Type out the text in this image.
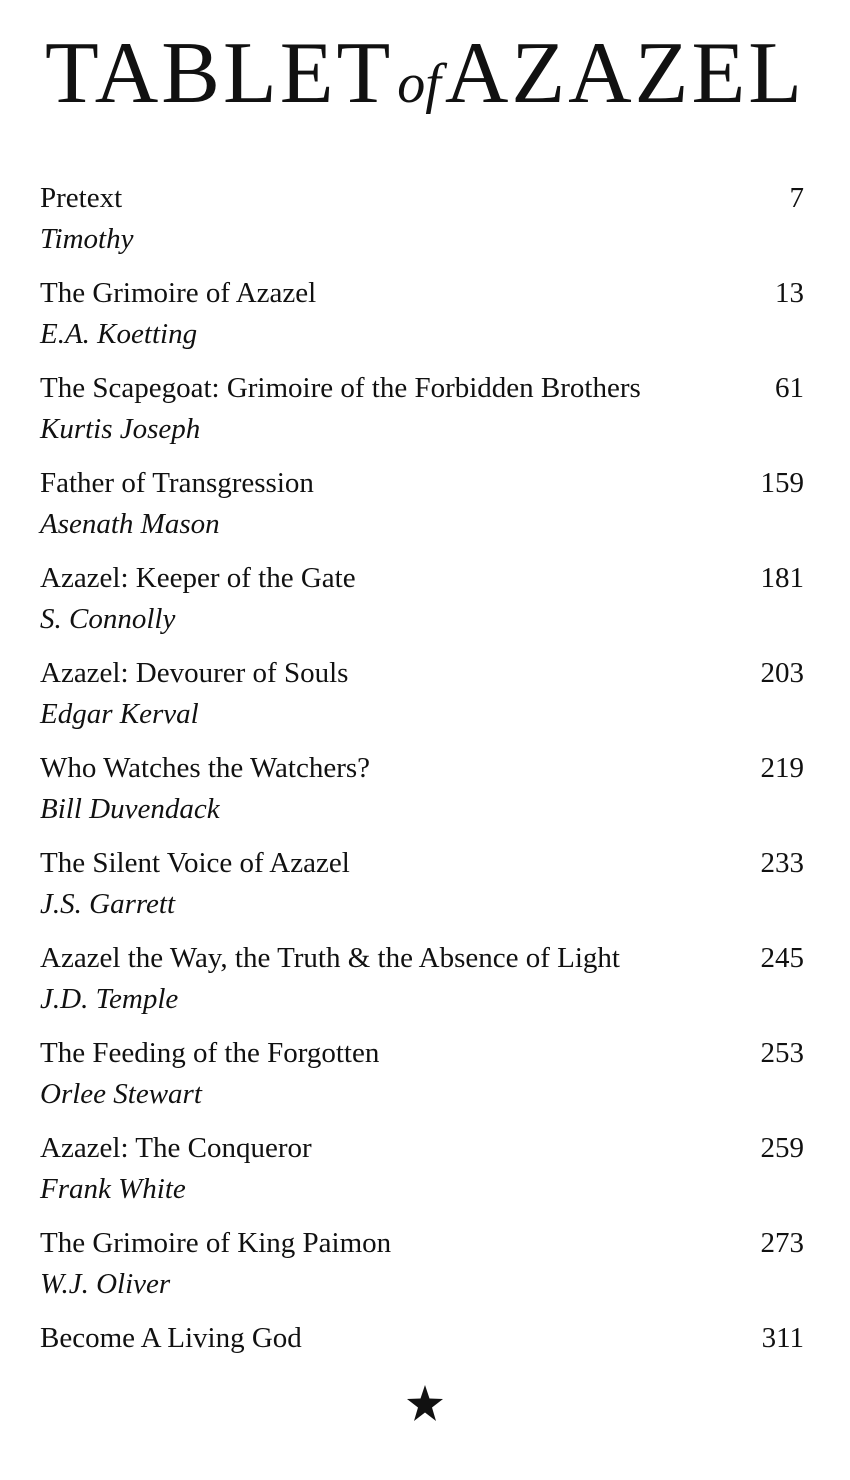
TABLETofAZAZEL
Pretext	7
Timothy
The Grimoire of Azazel	13
E.A. Koetting
The Scapegoat: Grimoire of the Forbidden Brothers	61
Kurtis Joseph
Father of Transgression	159
Asenath Mason
Azazel: Keeper of the Gate	181
S. Connolly
Azazel: Devourer of Souls	203
Edgar Kerval
Who Watches the Watchers?	219
Bill Duvendack
The Silent Voice of Azazel	233
J.S. Garrett
Azazel the Way, the Truth & the Absence of Light	245
J.D. Temple
The Feeding of the Forgotten	253
Orlee Stewart
Azazel: The Conqueror	259
Frank White
The Grimoire of King Paimon	273
W.J. Oliver
Become A Living God	311
